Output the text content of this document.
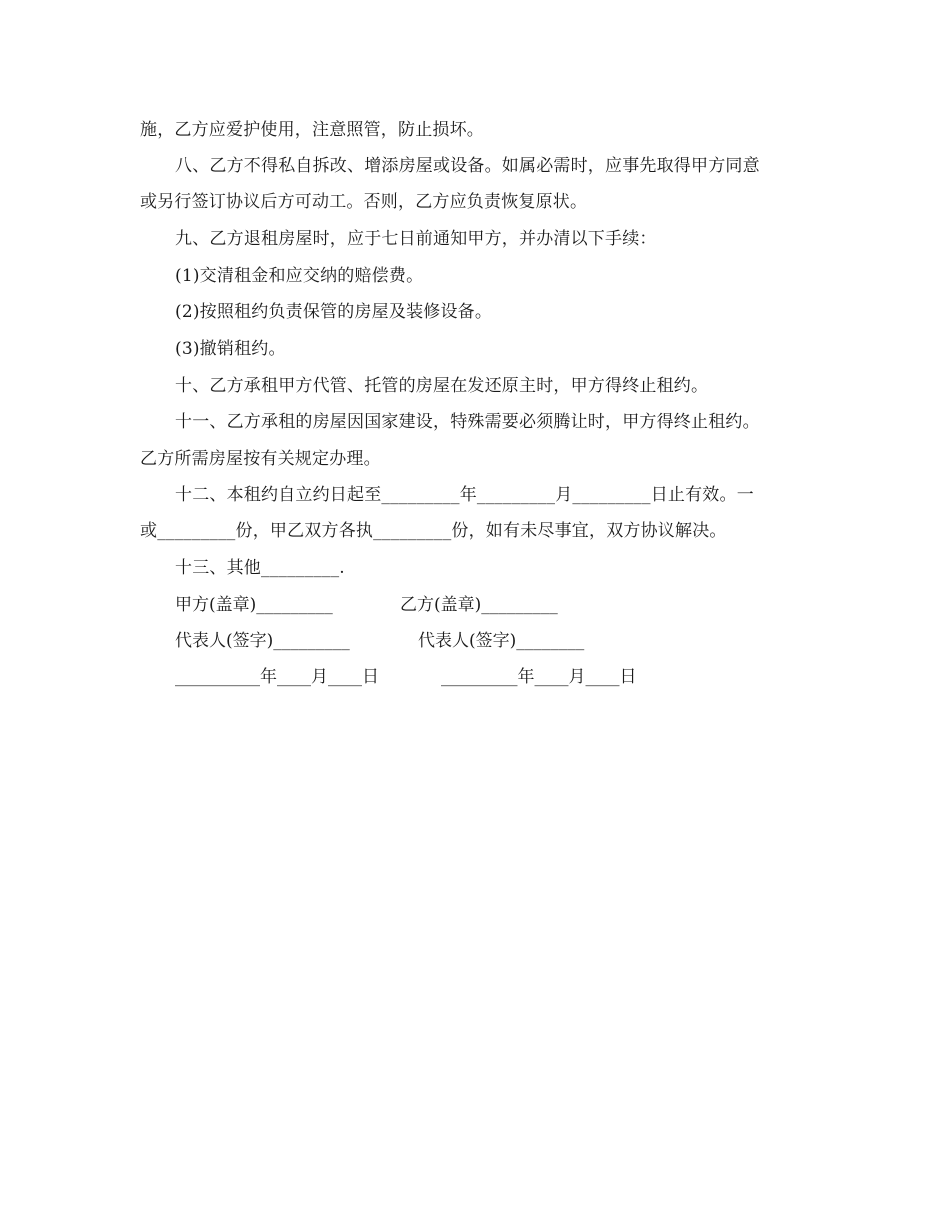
施，乙方应爱护使用，注意照管，防止损坏。
八、乙方不得私自拆改、增添房屋或设备。如属必需时，应事先取得甲方同意
或另行签订协议后方可动工。否则，乙方应负责恢复原状。
九、乙方退租房屋时，应于七日前通知甲方，并办清以下手续：
(1)交清租金和应交纳的赔偿费。
(2)按照租约负责保管的房屋及装修设备。
(3)撤销租约。
十、乙方承租甲方代管、托管的房屋在发还原主时，甲方得终止租约。
十一、乙方承租的房屋因国家建设，特殊需要必须腾让时，甲方得终止租约。
乙方所需房屋按有关规定办理。
十二、本租约自立约日起至_________年_________月_________日止有效。一
或_________份，甲乙双方各执_________份，如有未尽事宜，双方协议解决。
十三、其他_________.
甲方(盖章)_________	乙方(盖章)_________
代表人(签字)_________	代表人(签字)________
__________年____月____日	_________年____月____日
